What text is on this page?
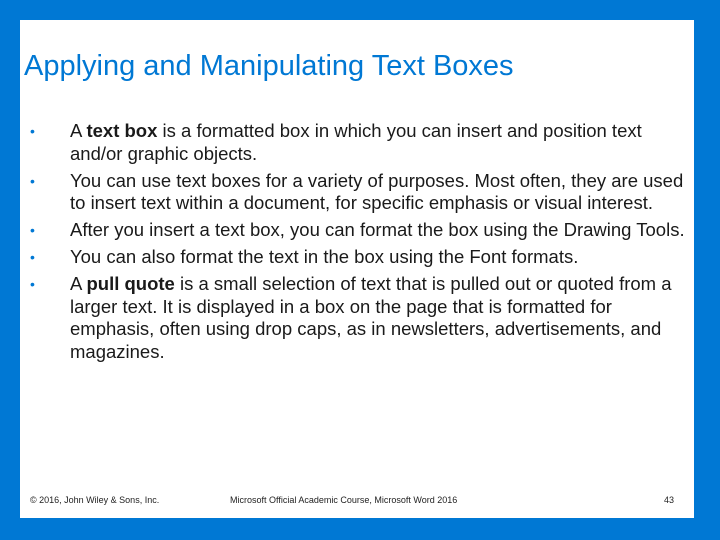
Applying and Manipulating Text Boxes
• A text box is a formatted box in which you can insert and position text and/or graphic objects.
• You can use text boxes for a variety of purposes. Most often, they are used to insert text within a document, for specific emphasis or visual interest.
• After you insert a text box, you can format the box using the Drawing Tools.
• You can also format the text in the box using the Font formats.
• A pull quote is a small selection of text that is pulled out or quoted from a larger text. It is displayed in a box on the page that is formatted for emphasis, often using drop caps, as in newsletters, advertisements, and magazines.
© 2016, John Wiley & Sons, Inc.	Microsoft Official Academic Course, Microsoft Word 2016	43
